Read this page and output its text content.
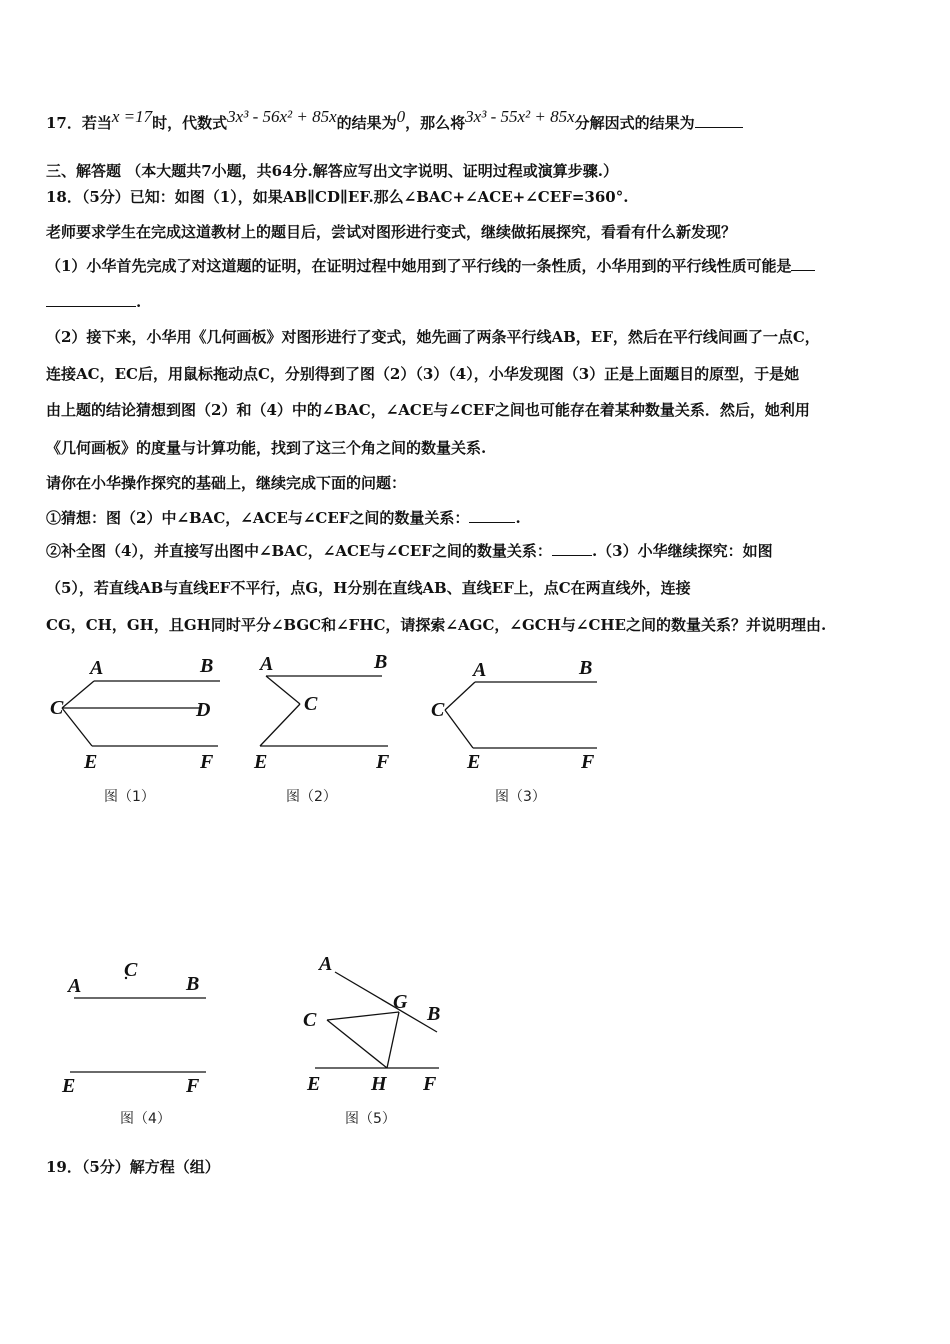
17．若当x =17时，代数式3x³ - 56x² + 85x的结果为0，那么将3x³ - 55x² + 85x分解因式的结果为
三、解答题 （本大题共7小题，共64分.解答应写出文字说明、证明过程或演算步骤.）
18．（5分）已知：如图（1），如果AB∥CD∥EF.那么∠BAC+∠ACE+∠CEF=360°.
老师要求学生在完成这道教材上的题目后，尝试对图形进行变式，继续做拓展探究，看看有什么新发现？
（1）小华首先完成了对这道题的证明，在证明过程中她用到了平行线的一条性质，小华用到的平行线性质可能是
.
（2）接下来，小华用《几何画板》对图形进行了变式，她先画了两条平行线AB，EF，然后在平行线间画了一点C，
连接AC，EC后，用鼠标拖动点C，分别得到了图（2）（3）（4），小华发现图（3）正是上面题目的原型，于是她
由上题的结论猜想到图（2）和（4）中的∠BAC，∠ACE与∠CEF之间也可能存在着某种数量关系．然后，她利用
《几何画板》的度量与计算功能，找到了这三个角之间的数量关系.
请你在小华操作探究的基础上，继续完成下面的问题：
①猜想：图（2）中∠BAC，∠ACE与∠CEF之间的数量关系：	.
②补全图（4），并直接写出图中∠BAC，∠ACE与∠CEF之间的数量关系：	.（3）小华继续探究：如图
（5），若直线AB与直线EF不平行，点G，H分别在直线AB、直线EF上，点C在两直线外，连接
CG，CH，GH，且GH同时平分∠BGC和∠FHC，请探索∠AGC，∠GCH与∠CHE之间的数量关系？并说明理由.
A	B
C	D
E	F
图（1）
A	B
C
E	F
图（2）
A	B
C
E	F
图（3）
A
C
B
E	F
图（4）
A
G
B
C
E	H F
图（5）
19．（5分）解方程（组）
